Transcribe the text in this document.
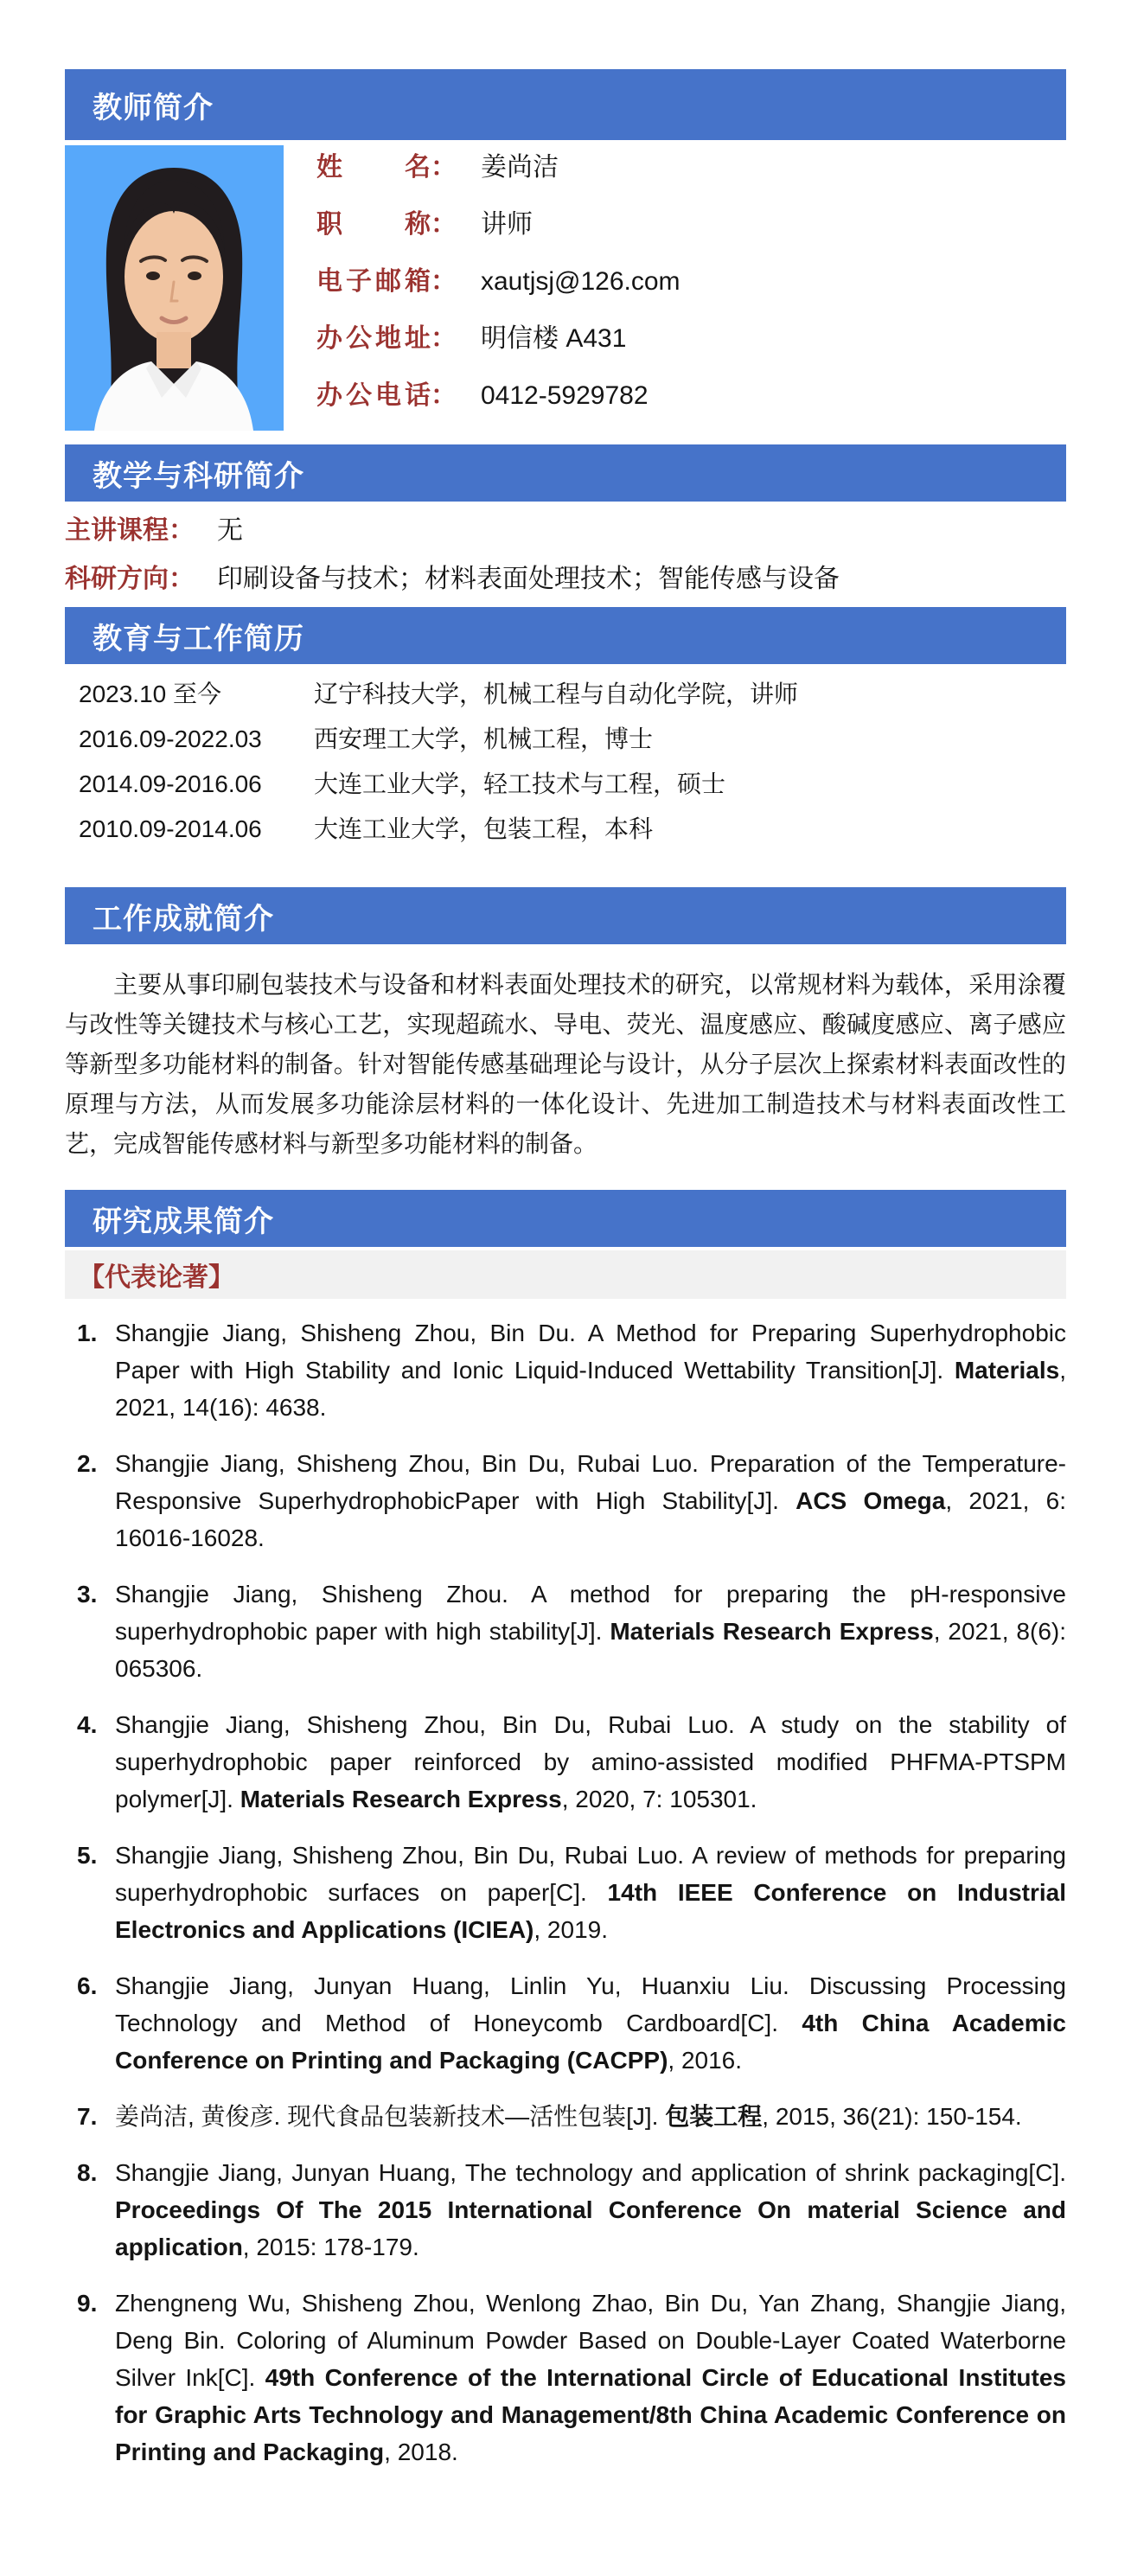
教师简介
姓名 ： 姜尚洁
职称 ： 讲师
电子邮箱 ： xautjsj@126.com
办公地址 ： 明信楼 A431
办公电话 ： 0412-5929782
教学与科研简介
主讲课程： 无
科研方向： 印刷设备与技术；材料表面处理技术；智能传感与设备
教育与工作简历
2023.10 至今	辽宁科技大学，机械工程与自动化学院，讲师
2016.09-2022.03	西安理工大学，机械工程，博士
2014.09-2016.06	大连工业大学，轻工技术与工程，硕士
2010.09-2014.06	大连工业大学，包装工程，本科
工作成就简介

主要从事印刷包装技术与设备和材料表面处理技术的研究，以常规材料为载体，采用涂覆与改性等关键技术与核心工艺，实现超疏水、导电、荧光、温度感应、酸碱度感应、离子感应等新型多功能材料的制备。针对智能传感基础理论与设计，从分子层次上探索材料表面改性的原理与方法，从而发展多功能涂层材料的一体化设计、先进加工制造技术与材料表面改性工艺，完成智能传感材料与新型多功能材料的制备。

研究成果简介
【代表论著】
1. Shangjie Jiang, Shisheng Zhou, Bin Du. A Method for Preparing Superhydrophobic Paper with High Stability and Ionic Liquid-Induced Wettability Transition[J]. Materials, 2021, 14(16): 4638.
2. Shangjie Jiang, Shisheng Zhou, Bin Du, Rubai Luo. Preparation of the Temperature-Responsive SuperhydrophobicPaper with High Stability[J]. ACS Omega, 2021, 6: 16016-16028.
3. Shangjie Jiang, Shisheng Zhou. A method for preparing the pH-responsive superhydrophobic paper with high stability[J]. Materials Research Express, 2021, 8(6): 065306.
4. Shangjie Jiang, Shisheng Zhou, Bin Du, Rubai Luo. A study on the stability of superhydrophobic paper reinforced by amino-assisted modified PHFMA-PTSPM polymer[J]. Materials Research Express, 2020, 7: 105301.
5. Shangjie Jiang, Shisheng Zhou, Bin Du, Rubai Luo. A review of methods for preparing superhydrophobic surfaces on paper[C]. 14th IEEE Conference on Industrial Electronics and Applications (ICIEA), 2019.
6. Shangjie Jiang, Junyan Huang, Linlin Yu, Huanxiu Liu. Discussing Processing Technology and Method of Honeycomb Cardboard[C]. 4th China Academic Conference on Printing and Packaging (CACPP), 2016.
7. 姜尚洁, 黄俊彦. 现代食品包装新技术—活性包装[J]. 包装工程, 2015, 36(21): 150-154.
8. Shangjie Jiang, Junyan Huang, The technology and application of shrink packaging[C]. Proceedings Of The 2015 International Conference On material Science and application, 2015: 178-179.
9. Zhengneng Wu, Shisheng Zhou, Wenlong Zhao, Bin Du, Yan Zhang, Shangjie Jiang, Deng Bin. Coloring of Aluminum Powder Based on Double-Layer Coated Waterborne Silver Ink[C]. 49th Conference of the International Circle of Educational Institutes for Graphic Arts Technology and Management/8th China Academic Conference on Printing and Packaging, 2018.
